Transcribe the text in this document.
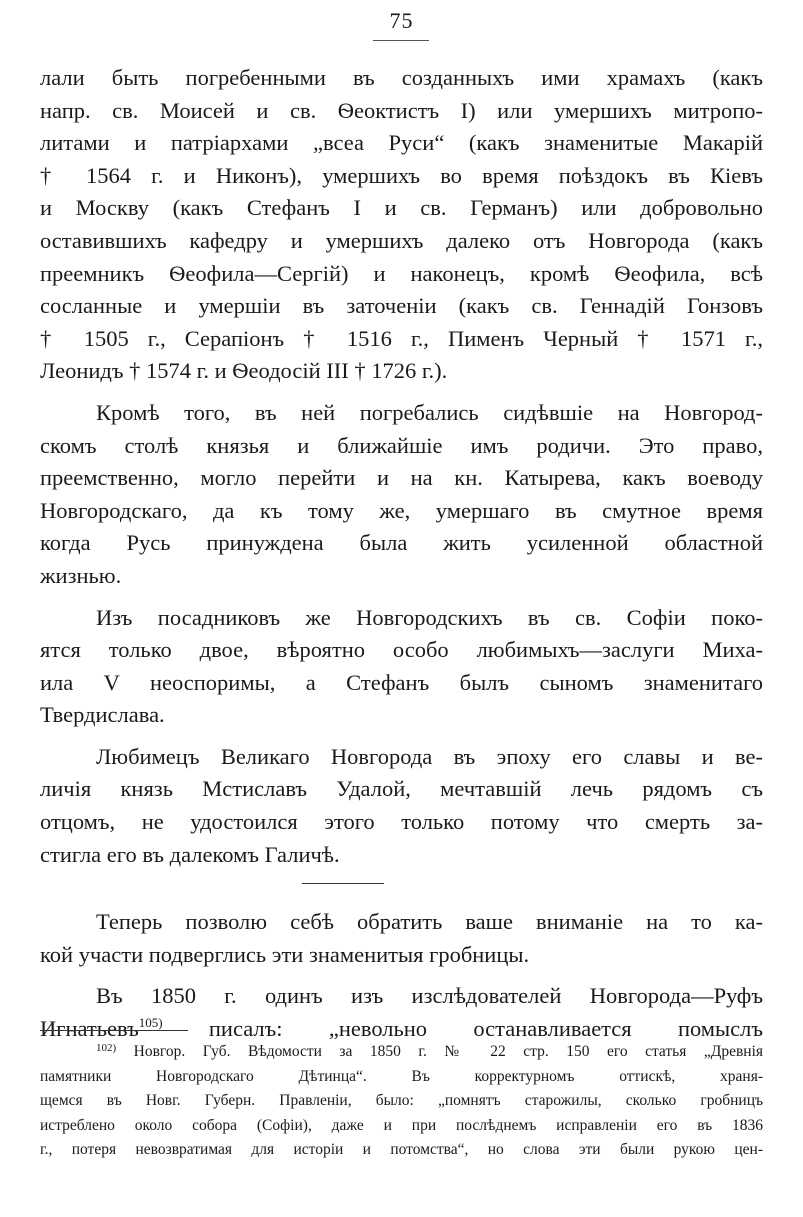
75
лали быть погребенными въ созданныхъ ими храмахъ (какъ
напр. св. Моисей и св. Ѳеоктистъ I) или умершихъ митропо-
литами и патріархами „всеа Руси“ (какъ знаменитые Макарій
† 1564 г. и Никонъ), умершихъ во время поѣздокъ въ Кіевъ
и Москву (какъ Стефанъ I и св. Германъ) или добровольно
оставившихъ кафедру и умершихъ далеко отъ Новгорода (какъ
преемникъ Ѳеофила—Сергій) и наконецъ, кромѣ Ѳеофила, всѣ
сосланные и умершіи въ заточеніи (какъ св. Геннадій Гонзовъ
† 1505 г., Серапіонъ † 1516 г., Пименъ Черный † 1571 г.,
Леонидъ † 1574 г. и Ѳеодосій III † 1726 г.).
Кромѣ того, въ ней погребались сидѣвшіе на Новгород-
скомъ столѣ князья и ближайшіе имъ родичи. Это право,
преемственно, могло перейти и на кн. Катырева, какъ воеводу
Новгородскаго, да къ тому же, умершаго въ смутное время
когда Русь принуждена была жить усиленной областной
жизнью.
Изъ посадниковъ же Новгородскихъ въ св. Софіи поко-
ятся только двое, вѣроятно особо любимыхъ—заслуги Миха-
ила V неоспоримы, а Стефанъ былъ сыномъ знаменитаго
Твердислава.
Любимецъ Великаго Новгорода въ эпоху его славы и ве-
личія князь Мстиславъ Удалой, мечтавшій лечь рядомъ съ
отцомъ, не удостоился этого только потому что смерть за-
стигла его въ далекомъ Галичѣ.
Теперь позволю себѣ обратить ваше вниманіе на то ка-
кой участи подверглись эти знаменитыя гробницы.
Въ 1850 г. одинъ изъ изслѣдователей Новгорода—Руфъ
Игнатьевъ$^{105)}$ писалъ: „невольно останавливается помыслъ
$^{102)}$ Новгор. Губ. Вѣдомости за 1850 г. № 22 стр. 150 его статья „Древнія
памятники Новгородскаго Дѣтинца“. Въ корректурномъ оттискѣ, храня-
щемся въ Новг. Губерн. Правленіи, было: „помнятъ старожилы, сколько гробницъ
истреблено около собора (Софіи), даже и при послѣднемъ исправленіи его въ 1836
г., потеря невозвратимая для исторіи и потомства“, но слова эти были рукою цен-
